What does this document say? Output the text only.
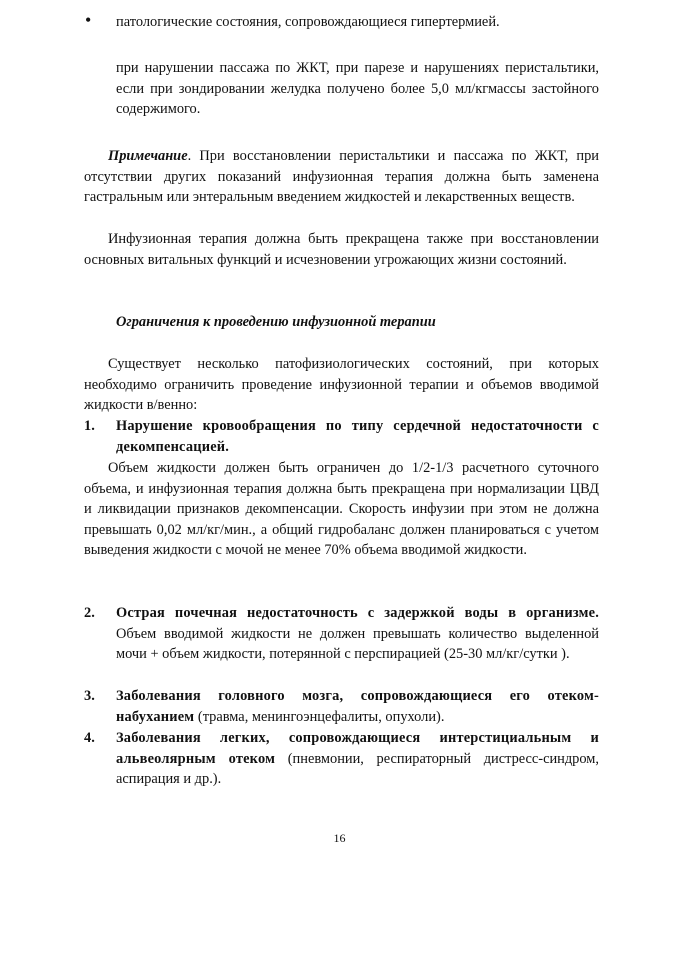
• патологические состояния, сопровождающиеся гипертермией.
при нарушении пассажа по ЖКТ, при парезе и нарушениях перистальтики, если при зондировании желудка получено более 5,0 мл/кгмассы застойного содержимого.
Примечание. При восстановлении перистальтики и пассажа по ЖКТ, при отсутствии других показаний инфузионная терапия должна быть заменена гастральным или энтеральным введением жидкостей и лекарственных веществ.
Инфузионная терапия должна быть прекращена также при восстановлении основных витальных функций и исчезновении угрожающих жизни состояний.
Ограничения к проведению инфузионной терапии
Существует несколько патофизиологических состояний, при которых необходимо ограничить проведение инфузионной терапии и объемов вводимой жидкости в/венно:
1. Нарушение кровообращения по типу сердечной недостаточности с декомпенсацией.
Объем жидкости должен быть ограничен до 1/2-1/3 расчетного суточного объема, и инфузионная терапия должна быть прекращена при нормализации ЦВД и ликвидации признаков декомпенсации. Скорость инфузии при этом не должна превышать 0,02 мл/кг/мин., а общий гидробаланс должен планироваться с учетом выведения жидкости с мочой не менее 70% объема вводимой жидкости.
2. Острая почечная недостаточность с задержкой воды в организме. Объем вводимой жидкости не должен превышать количество выделенной мочи + объем жидкости, потерянной с перспирацией (25-30 мл/кг/сутки ).
3. Заболевания головного мозга, сопровождающиеся его отеком-набуханием (травма, менингоэнцефалиты, опухоли).
4. Заболевания легких, сопровождающиеся интерстициальным и альвеолярным отеком (пневмонии, респираторный дистресс-синдром, аспирация и др.).
16
